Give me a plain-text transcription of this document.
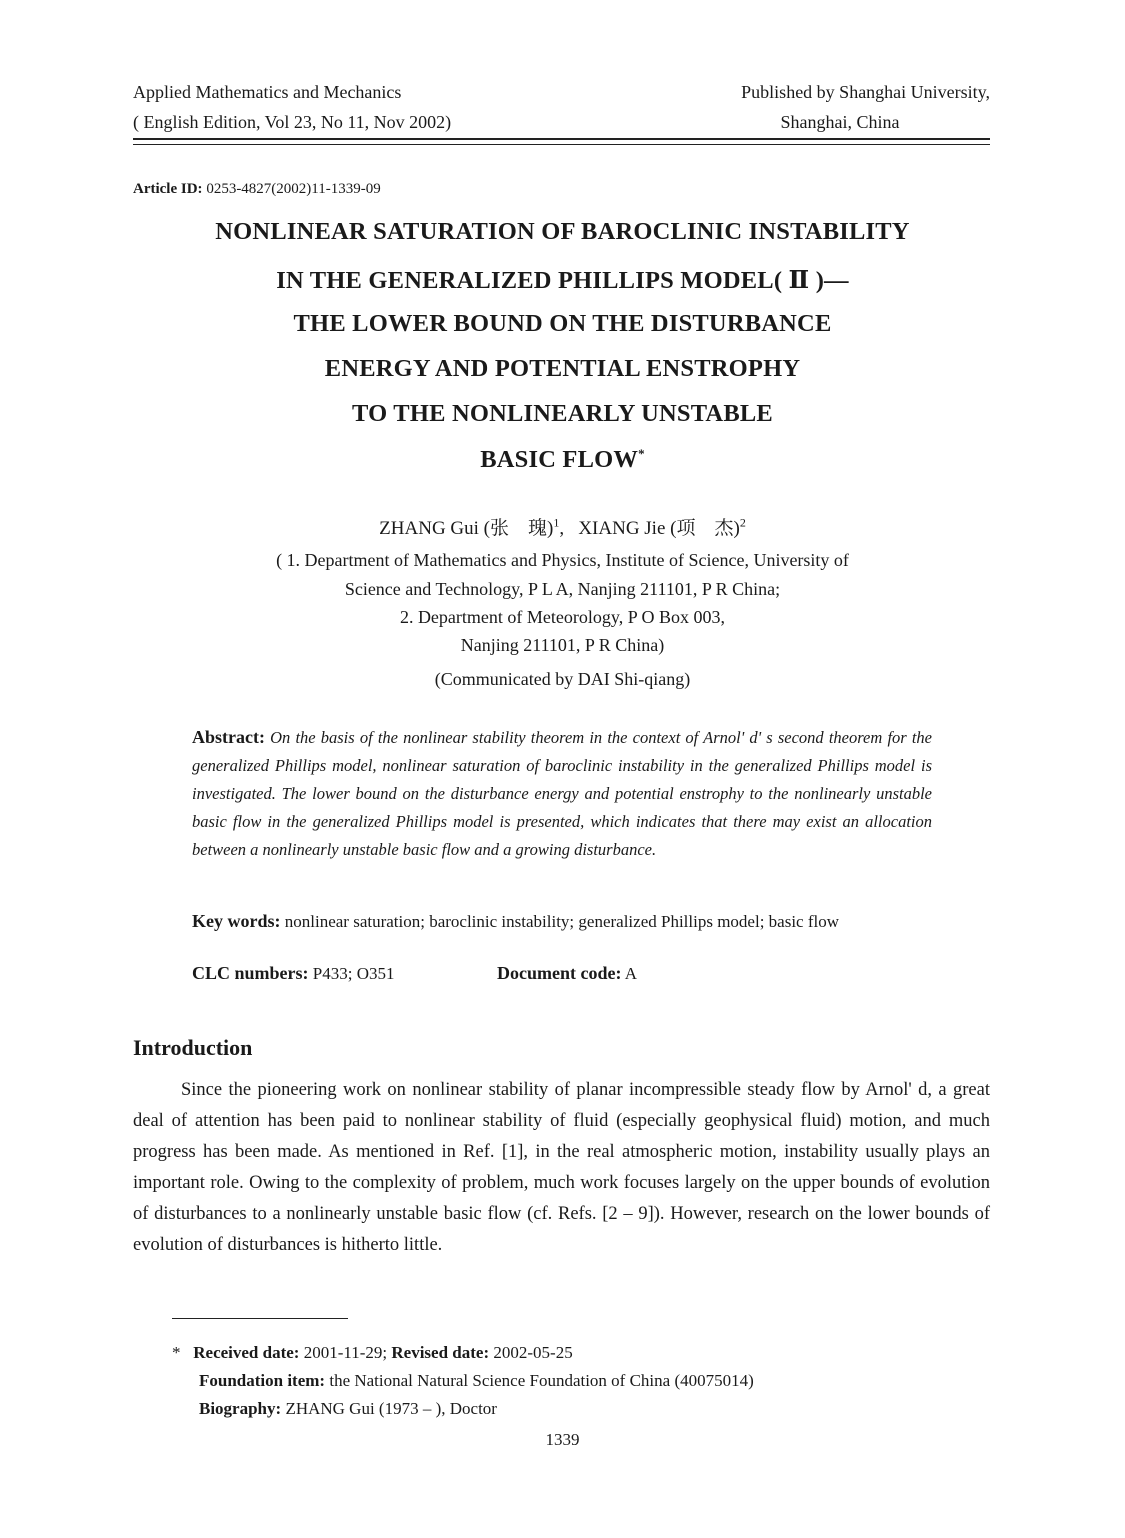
Applied Mathematics and Mechanics
( English Edition, Vol 23, No 11, Nov 2002)
Published by Shanghai University,
Shanghai, China
Article ID: 0253-4827(2002)11-1339-09
NONLINEAR SATURATION OF BAROCLINIC INSTABILITY
IN THE GENERALIZED PHILLIPS MODEL( Ⅱ )—
THE LOWER BOUND ON THE DISTURBANCE
ENERGY AND POTENTIAL ENSTROPHY
TO THE NONLINEARLY UNSTABLE
BASIC FLOW*
ZHANG Gui (张　瑰)$^1$, XIANG Jie (项　杰)$^2$
( 1. Department of Mathematics and Physics, Institute of Science, University of
Science and Technology, P L A, Nanjing 211101, P R China;
2. Department of Meteorology, P O Box 003,
Nanjing 211101, P R China)
(Communicated by DAI Shi-qiang)
Abstract: On the basis of the nonlinear stability theorem in the context of Arnol' d' s second theorem for the generalized Phillips model, nonlinear saturation of baroclinic instability in the generalized Phillips model is investigated. The lower bound on the disturbance energy and potential enstrophy to the nonlinearly unstable basic flow in the generalized Phillips model is presented, which indicates that there may exist an allocation between a nonlinearly unstable basic flow and a growing disturbance.
Key words: nonlinear saturation; baroclinic instability; generalized Phillips model; basic flow
CLC numbers: P433; O351	Document code: A
Introduction
Since the pioneering work on nonlinear stability of planar incompressible steady flow by Arnol' d, a great deal of attention has been paid to nonlinear stability of fluid (especially geophysical fluid) motion, and much progress has been made. As mentioned in Ref. [1], in the real atmospheric motion, instability usually plays an important role. Owing to the complexity of problem, much work focuses largely on the upper bounds of evolution of disturbances to a nonlinearly unstable basic flow (cf. Refs. [2 – 9]). However, research on the lower bounds of evolution of disturbances is hitherto little.
* Received date: 2001-11-29; Revised date: 2002-05-25
Foundation item: the National Natural Science Foundation of China (40075014)
Biography: ZHANG Gui (1973 – ), Doctor
1339
